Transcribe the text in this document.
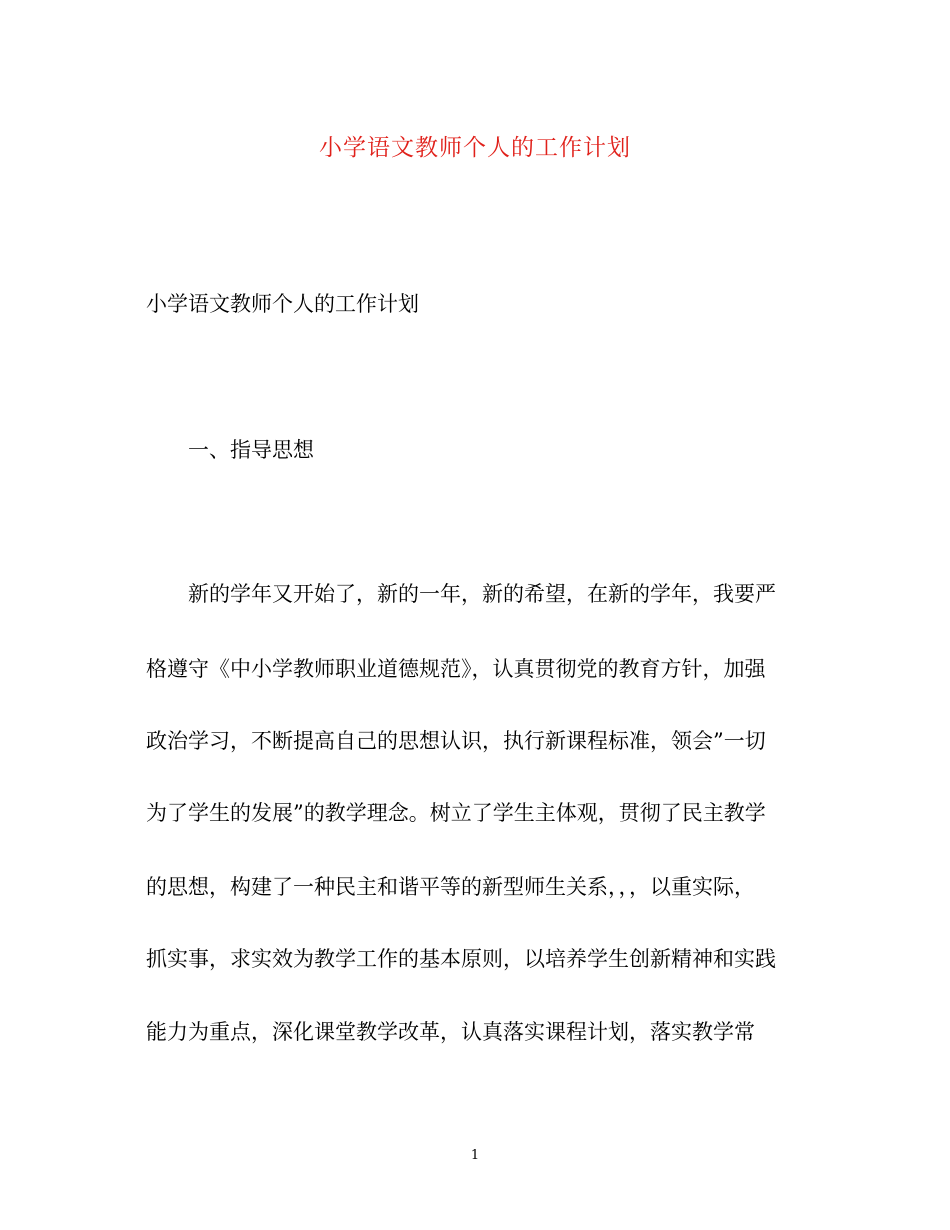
小学语文教师个人的工作计划
小学语文教师个人的工作计划
一、指导思想
新的学年又开始了，新的一年，新的希望，在新的学年，我要严
格遵守《中小学教师职业道德规范》，认真贯彻党的教育方针，加强
政治学习，不断提高自己的思想认识，执行新课程标准，领会”一切
为了学生的发展”的教学理念。树立了学生主体观，贯彻了民主教学
的思想，构建了一种民主和谐平等的新型师生关系，，，以重实际，
抓实事，求实效为教学工作的基本原则，以培养学生创新精神和实践
能力为重点，深化课堂教学改革，认真落实课程计划，落实教学常
1
